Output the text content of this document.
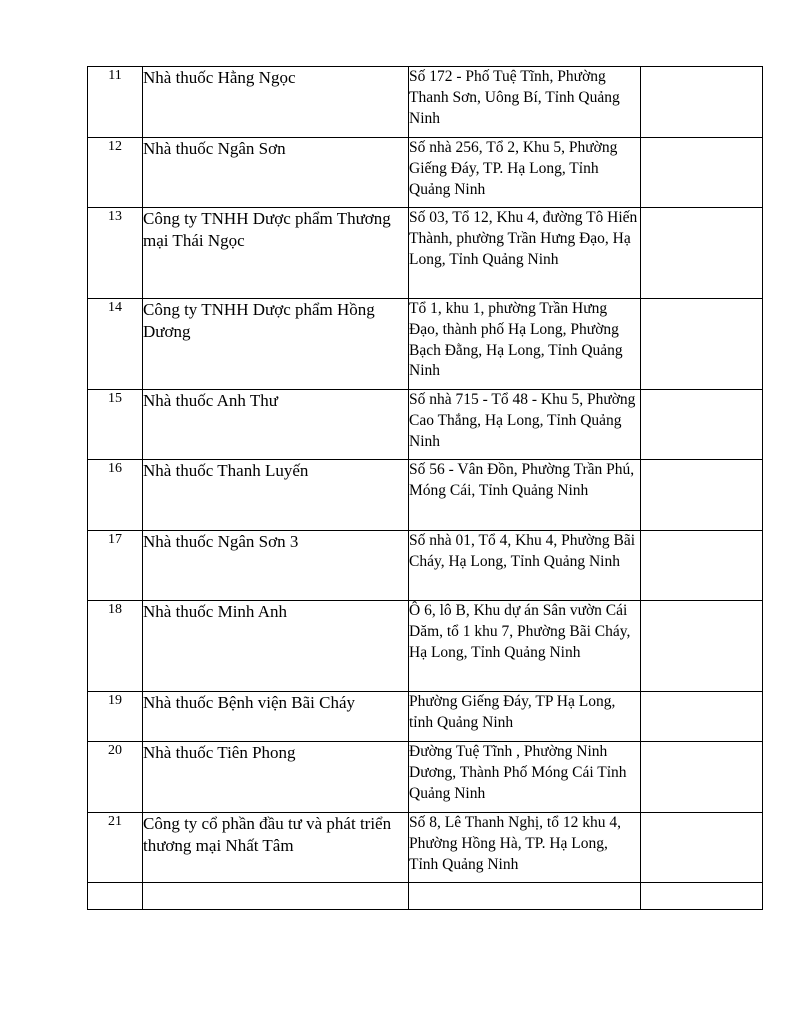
11	Nhà thuốc Hằng Ngọc	Số 172 - Phố Tuệ Tĩnh, Phường Thanh Sơn, Uông Bí, Tỉnh Quảng Ninh	
12	Nhà thuốc Ngân Sơn	Số nhà 256, Tổ 2, Khu 5, Phường Giếng Đáy, TP. Hạ Long, Tỉnh Quảng Ninh	
13	Công ty TNHH Dược phẩm Thương mại Thái Ngọc	Số 03, Tổ 12, Khu 4, đường Tô Hiến Thành, phường Trần Hưng Đạo, Hạ Long, Tỉnh Quảng Ninh	
14	Công ty TNHH Dược phẩm Hồng Dương	Tổ 1, khu 1, phường Trần Hưng Đạo, thành phố Hạ Long, Phường Bạch Đằng, Hạ Long, Tỉnh Quảng Ninh	
15	Nhà thuốc Anh Thư	Số nhà 715 - Tổ 48 - Khu 5, Phường Cao Thắng, Hạ Long, Tỉnh Quảng Ninh	
16	Nhà thuốc Thanh Luyến	Số 56 - Vân Đồn, Phường Trần Phú, Móng Cái, Tỉnh Quảng Ninh	
17	Nhà thuốc Ngân Sơn 3	Số nhà 01, Tổ 4, Khu 4, Phường Bãi Cháy, Hạ Long, Tỉnh Quảng Ninh	
18	Nhà thuốc Minh Anh	Ô 6, lô B, Khu dự án Sân vườn Cái Dăm, tổ 1 khu 7, Phường Bãi Cháy, Hạ Long, Tỉnh Quảng Ninh	
19	Nhà thuốc Bệnh viện Bãi Cháy	Phường Giếng Đáy, TP Hạ Long, tỉnh Quảng Ninh	
20	Nhà thuốc Tiên Phong	Đường Tuệ Tĩnh , Phường Ninh Dương, Thành Phố Móng Cái Tỉnh Quảng Ninh	
21	Công ty cổ phần đầu tư và phát triển thương mại Nhất Tâm	Số 8, Lê Thanh Nghị, tổ 12 khu 4, Phường Hồng Hà, TP. Hạ Long, Tỉnh Quảng Ninh	
